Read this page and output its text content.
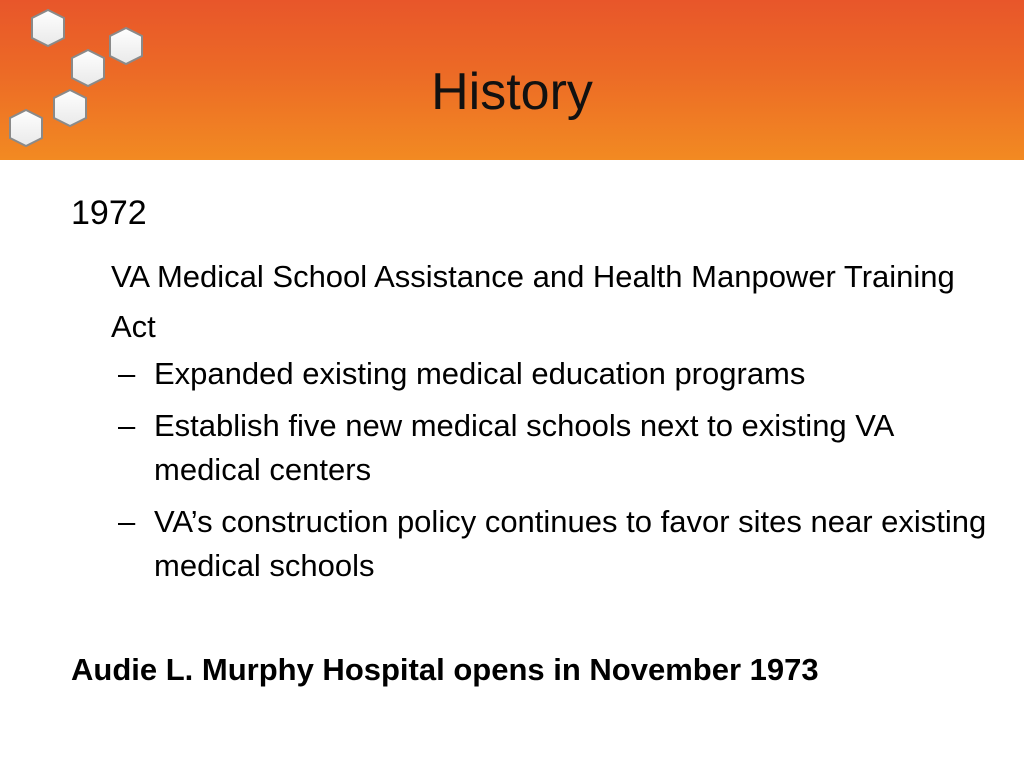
History
1972
VA Medical School Assistance and Health Manpower Training Act
– Expanded existing medical education programs
– Establish five new medical schools next to existing VA medical centers
– VA’s construction policy continues to favor sites near existing medical schools
Audie L. Murphy Hospital opens in November 1973
